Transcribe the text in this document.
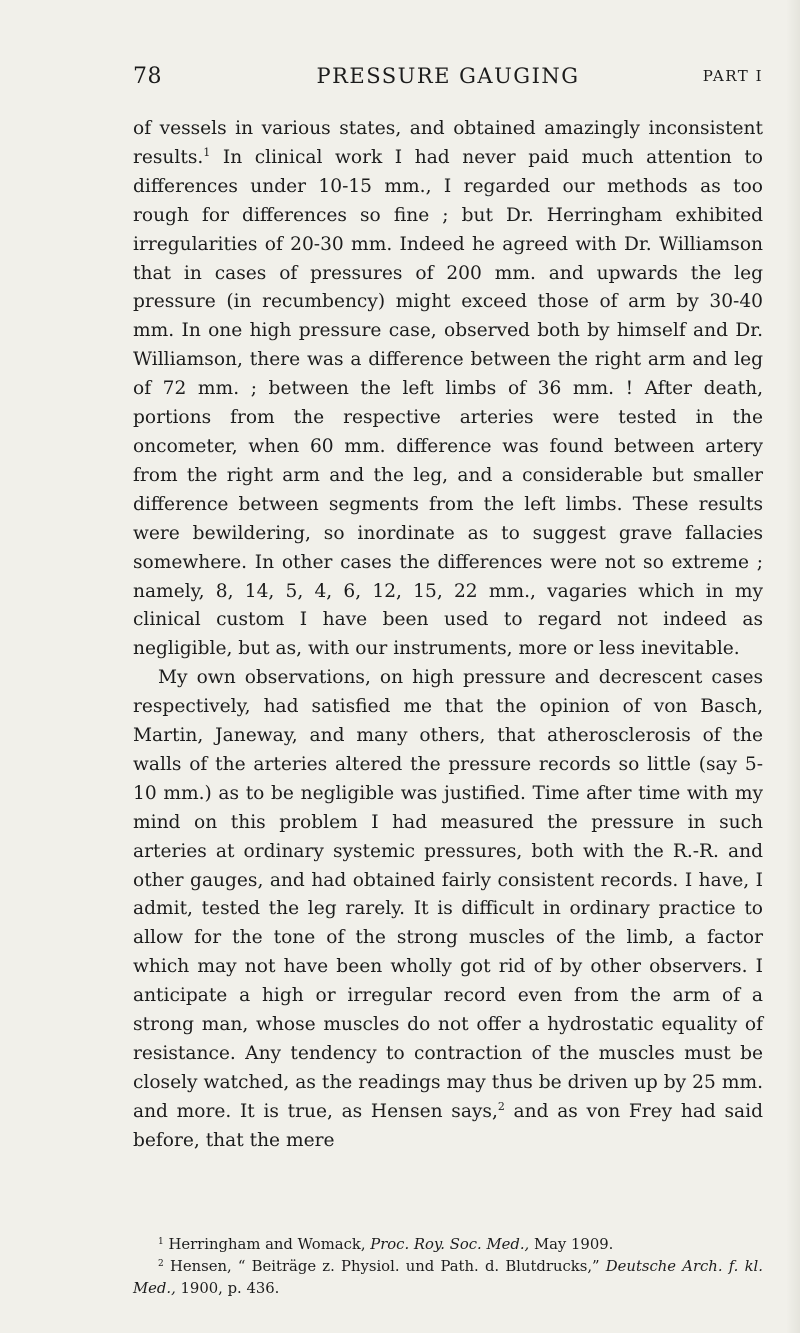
78	PRESSURE GAUGING	PART I

of vessels in various states, and obtained amazingly inconsistent results.$^1$ In clinical work I had never paid much attention to differences under 10-15 mm., I regarded our methods as too rough for differences so fine ; but Dr. Herringham exhibited irregularities of 20-30 mm. Indeed he agreed with Dr. Williamson that in cases of pressures of 200 mm. and upwards the leg pressure (in recumbency) might exceed those of arm by 30-40 mm. In one high pressure case, observed both by himself and Dr. Williamson, there was a difference between the right arm and leg of 72 mm. ; between the left limbs of 36 mm. ! After death, portions from the respective arteries were tested in the oncometer, when 60 mm. difference was found between artery from the right arm and the leg, and a considerable but smaller difference between segments from the left limbs. These results were bewildering, so inordinate as to suggest grave fallacies somewhere. In other cases the differences were not so extreme ; namely, 8, 14, 5, 4, 6, 12, 15, 22 mm., vagaries which in my clinical custom I have been used to regard not indeed as negligible, but as, with our instruments, more or less inevitable.

My own observations, on high pressure and decrescent cases respectively, had satisfied me that the opinion of von Basch, Martin, Janeway, and many others, that atherosclerosis of the walls of the arteries altered the pressure records so little (say 5-10 mm.) as to be negligible was justified. Time after time with my mind on this problem I had measured the pressure in such arteries at ordinary systemic pressures, both with the R.-R. and other gauges, and had obtained fairly consistent records. I have, I admit, tested the leg rarely. It is difficult in ordinary practice to allow for the tone of the strong muscles of the limb, a factor which may not have been wholly got rid of by other observers. I anticipate a high or irregular record even from the arm of a strong man, whose muscles do not offer a hydrostatic equality of resistance. Any tendency to contraction of the muscles must be closely watched, as the readings may thus be driven up by 25 mm. and more. It is true, as Hensen says,$^2$ and as von Frey had said before, that the mere

$^1$ Herringham and Womack, Proc. Roy. Soc. Med., May 1909.

$^2$ Hensen, “ Beiträge z. Physiol. und Path. d. Blutdrucks,” Deutsche Arch. f. kl. Med., 1900, p. 436.
